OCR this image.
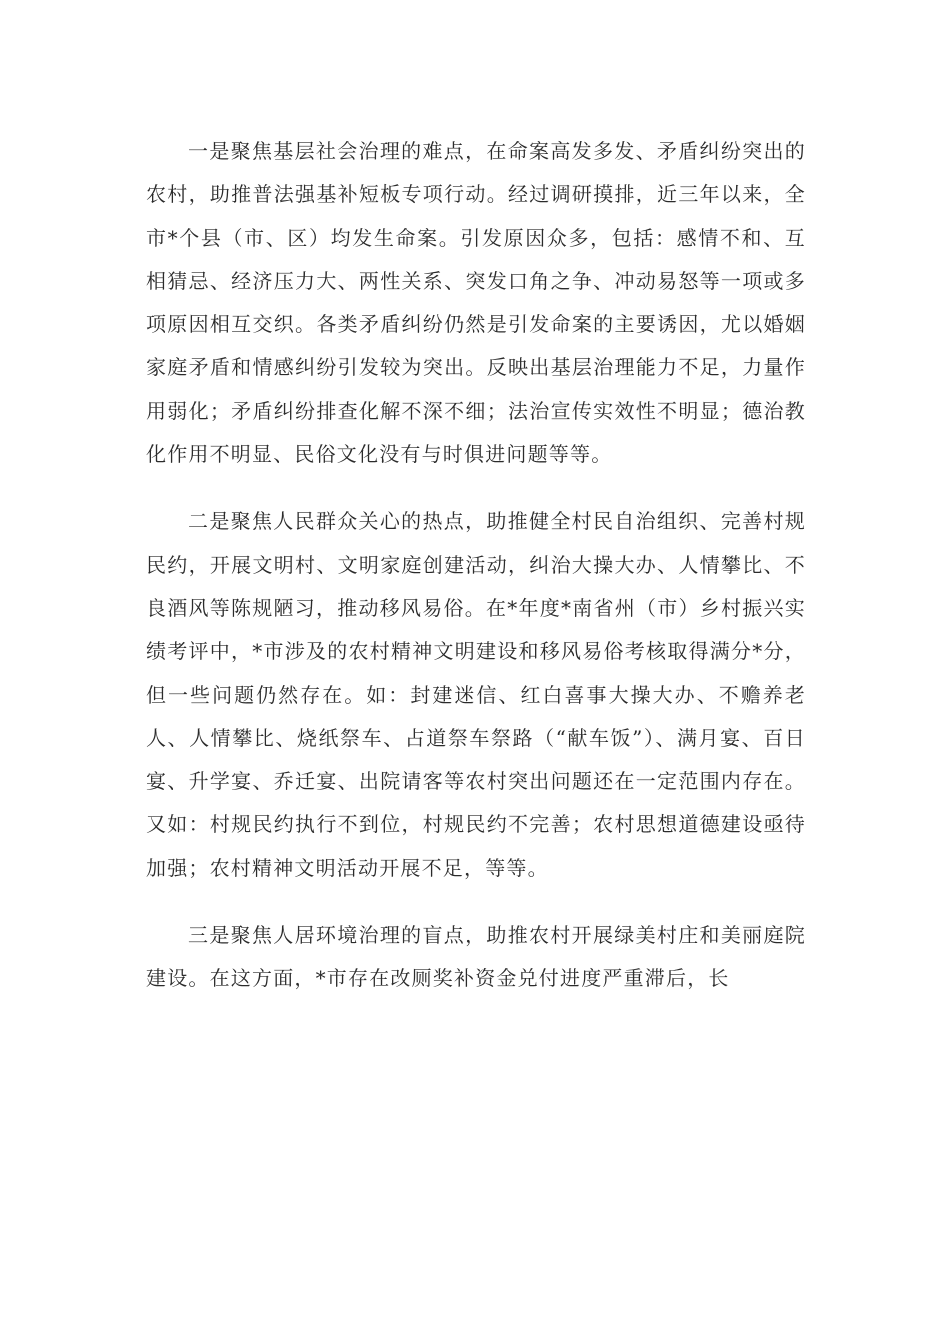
一是聚焦基层社会治理的难点，在命案高发多发、矛盾纠纷突出的农村，助推普法强基补短板专项行动。经过调研摸排，近三年以来，全市*个县（市、区）均发生命案。引发原因众多，包括：感情不和、互相猜忌、经济压力大、两性关系、突发口角之争、冲动易怒等一项或多项原因相互交织。各类矛盾纠纷仍然是引发命案的主要诱因，尤以婚姻家庭矛盾和情感纠纷引发较为突出。反映出基层治理能力不足，力量作用弱化；矛盾纠纷排查化解不深不细；法治宣传实效性不明显；德治教化作用不明显、民俗文化没有与时俱进问题等等。

二是聚焦人民群众关心的热点，助推健全村民自治组织、完善村规民约，开展文明村、文明家庭创建活动，纠治大操大办、人情攀比、不良酒风等陈规陋习，推动移风易俗。在*年度*南省州（市）乡村振兴实绩考评中，*市涉及的农村精神文明建设和移风易俗考核取得满分*分，但一些问题仍然存在。如：封建迷信、红白喜事大操大办、不赡养老人、人情攀比、烧纸祭车、占道祭车祭路（“献车饭”）、满月宴、百日宴、升学宴、乔迁宴、出院请客等农村突出问题还在一定范围内存在。又如：村规民约执行不到位，村规民约不完善；农村思想道德建设亟待加强；农村精神文明活动开展不足，等等。

三是聚焦人居环境治理的盲点，助推农村开展绿美村庄和美丽庭院建设。在这方面，*市存在改厕奖补资金兑付进度严重滞后，长
